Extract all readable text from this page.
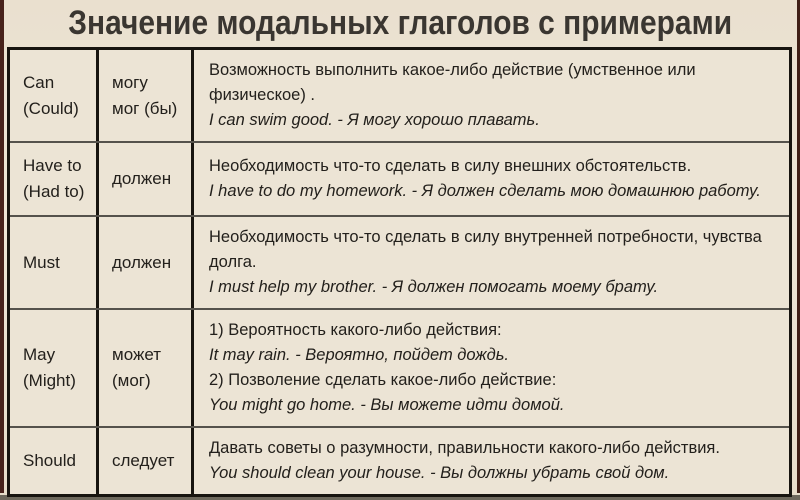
Значение модальных глаголов с примерами
Can
(Could)
могу
мог (бы)

Возможность выполнить какое-либо действие (умственное или физическое) .

I can swim good. - Я могу хорошо плавать.

Have to
(Had to)
должен

Необходимость что-то сделать в силу внешних обстоятельств.

I have to do my homework. - Я должен сделать мою домашнюю работу.

Must	должен

Необходимость что-то сделать в силу внутренней потребности, чувства долга.

I must help my brother. - Я должен помогать моему брату.

May
(Might)
может
(мог)

1) Вероятность какого-либо действия:

It may rain. - Вероятно, пойдет дождь.

2) Позволение сделать какое-либо действие:

You might go home. - Вы можете идти домой.

Should	следует

Давать советы о разумности, правильности какого-либо действия.

You should clean your house. - Вы должны убрать свой дом.
